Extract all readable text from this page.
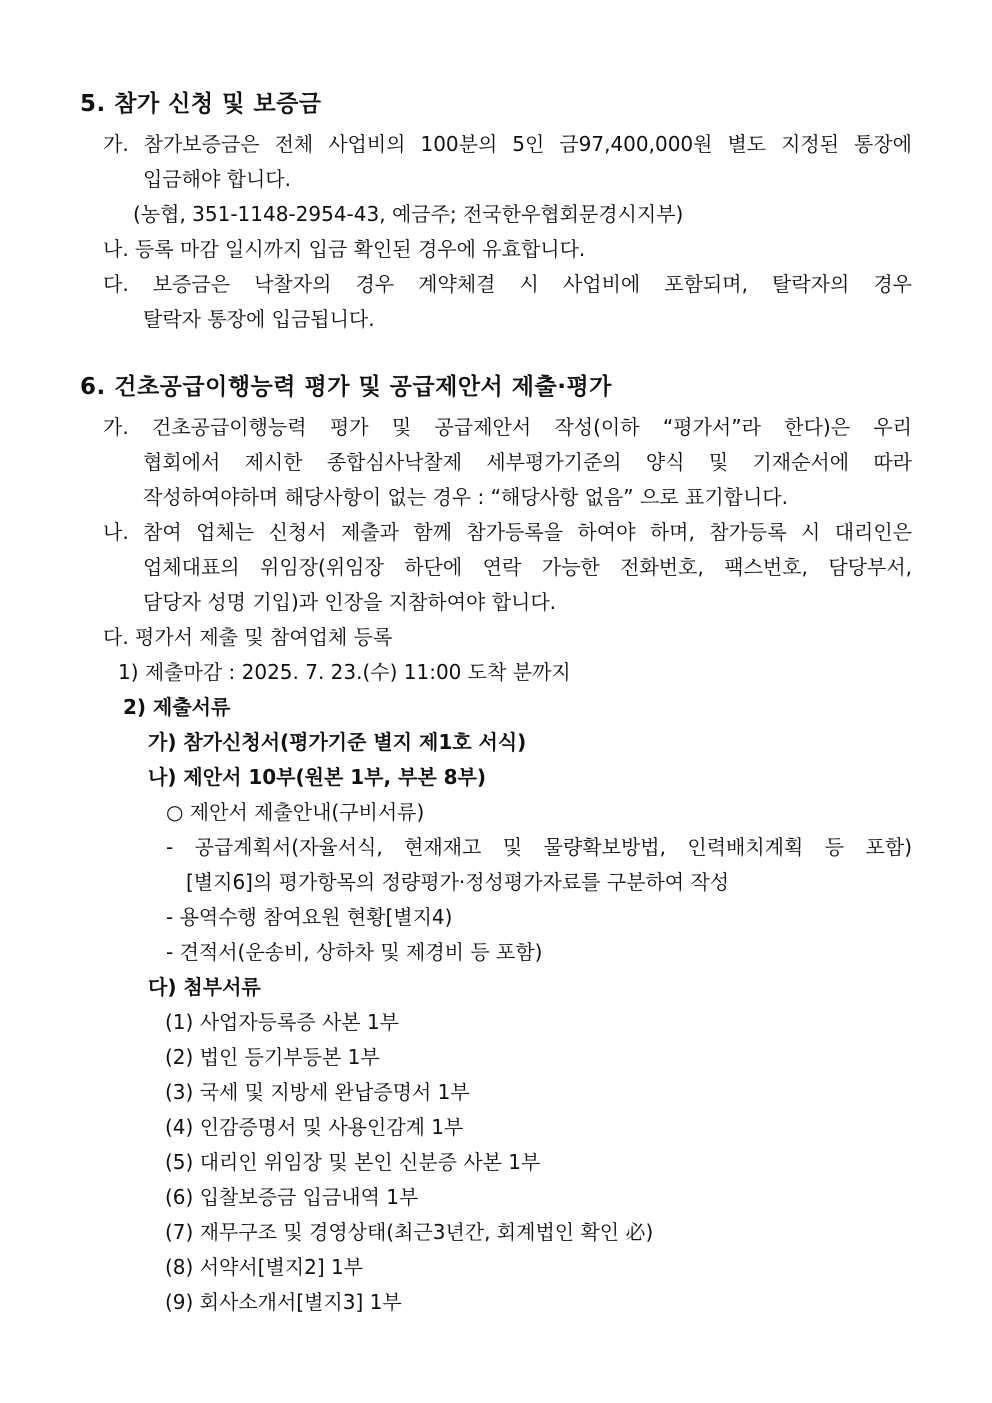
5. 참가 신청 및 보증금
가. 참가보증금은 전체 사업비의 100분의 5인 금97,400,000원 별도 지정된 통장에
입금해야 합니다.
(농협, 351-1148-2954-43, 예금주; 전국한우협회문경시지부)
나. 등록 마감 일시까지 입금 확인된 경우에 유효합니다.
다. 보증금은 낙찰자의 경우 계약체결 시 사업비에 포함되며, 탈락자의 경우
탈락자 통장에 입금됩니다.
6. 건초공급이행능력 평가 및 공급제안서 제출·평가
가. 건초공급이행능력 평가 및 공급제안서 작성(이하 “평가서”라 한다)은 우리
협회에서 제시한 종합심사낙찰제 세부평가기준의 양식 및 기재순서에 따라
작성하여야하며 해당사항이 없는 경우 : “해당사항 없음” 으로 표기합니다.
나. 참여 업체는 신청서 제출과 함께 참가등록을 하여야 하며, 참가등록 시 대리인은
업체대표의 위임장(위임장 하단에 연락 가능한 전화번호, 팩스번호, 담당부서,
담당자 성명 기입)과 인장을 지참하여야 합니다.
다. 평가서 제출 및 참여업체 등록
1) 제출마감 : 2025. 7. 23.(수) 11:00 도착 분까지
2) 제출서류
가) 참가신청서(평가기준 별지 제1호 서식)
나) 제안서 10부(원본 1부, 부본 8부)
○ 제안서 제출안내(구비서류)
- 공급계획서(자율서식, 현재재고 및 물량확보방법, 인력배치계획 등 포함)
[별지6]의 평가항목의 정량평가·정성평가자료를 구분하여 작성
- 용역수행 참여요원 현황[별지4)
- 견적서(운송비, 상하차 및 제경비 등 포함)
다) 첨부서류
(1) 사업자등록증 사본 1부
(2) 법인 등기부등본 1부
(3) 국세 및 지방세 완납증명서 1부
(4) 인감증명서 및 사용인감계 1부
(5) 대리인 위임장 및 본인 신분증 사본 1부
(6) 입찰보증금 입금내역 1부
(7) 재무구조 및 경영상태(최근3년간, 회계법인 확인 必)
(8) 서약서[별지2] 1부
(9) 회사소개서[별지3] 1부
